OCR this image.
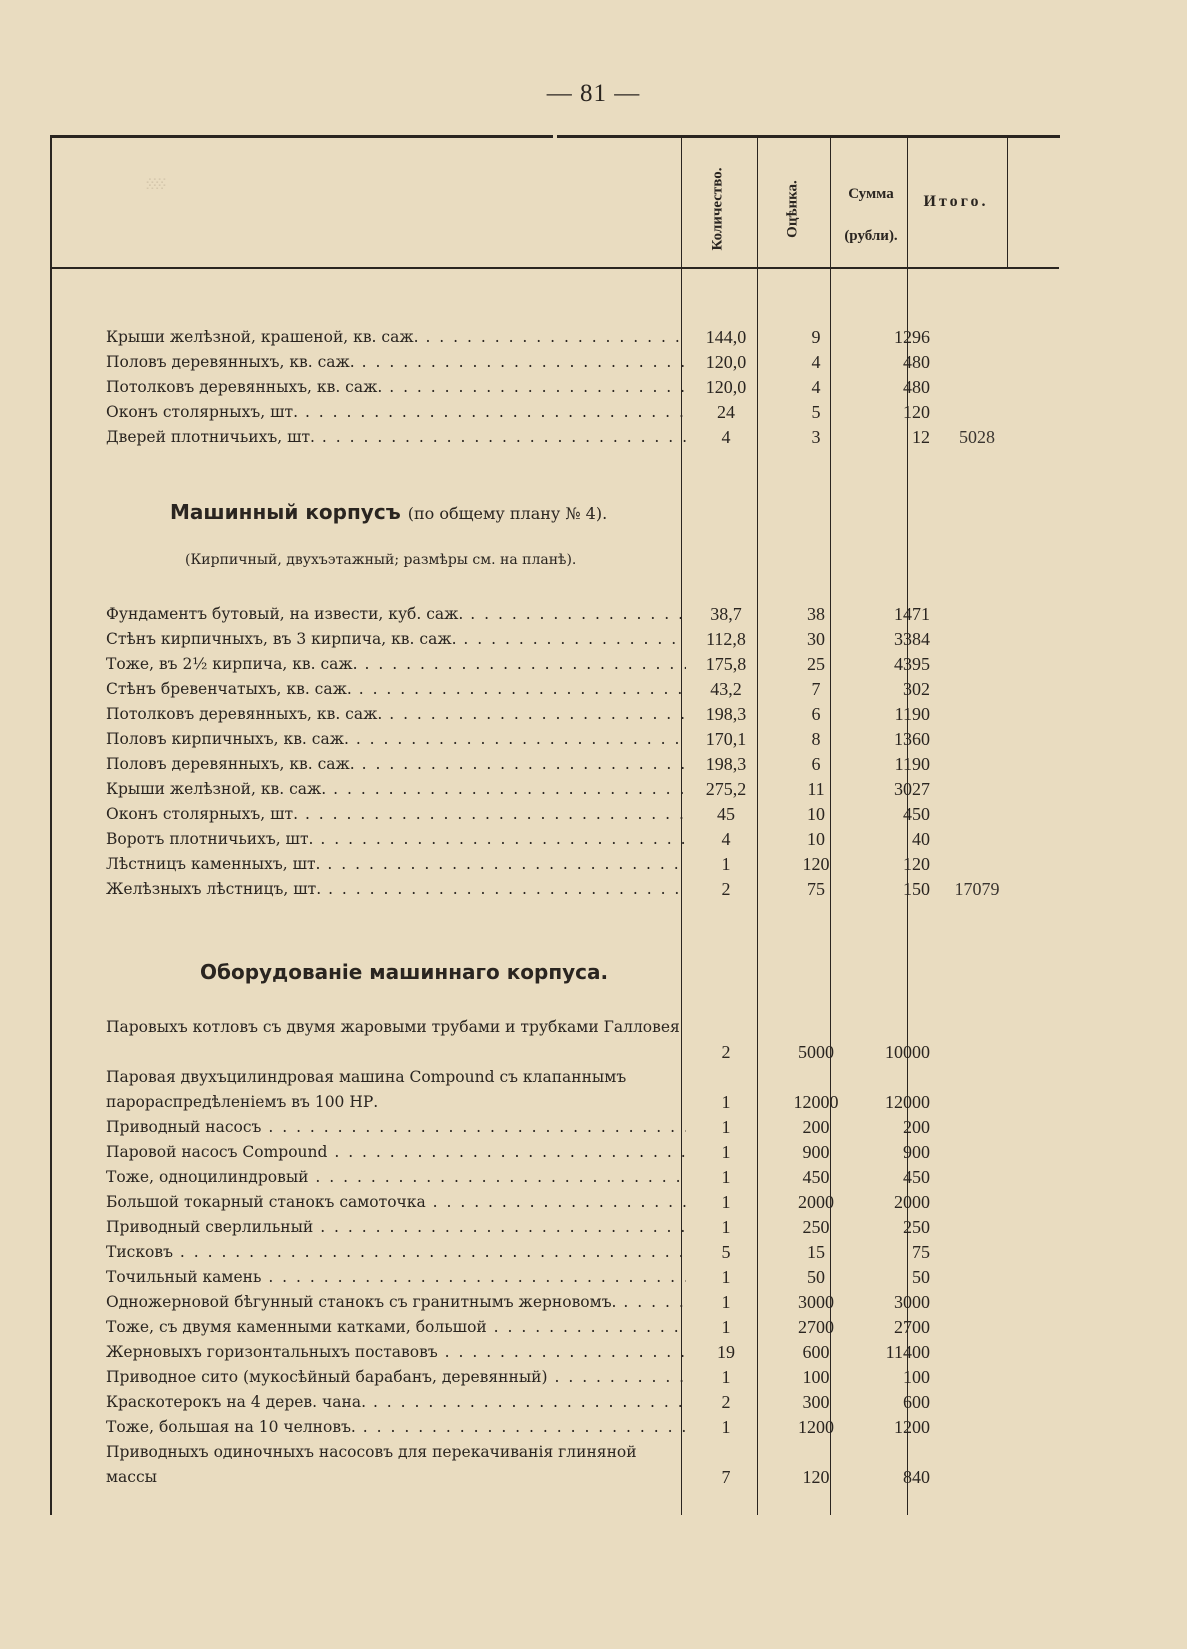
░
— 81 —
Количество.	Оцѣнка.	Сумма
(рубли).
Итого.
Машинный корпусъ (по общему плану № 4).
(Кирпичный, двухъэтажный; размѣры см. на планѣ).
Оборудованіе машиннаго корпуса.
Крыши желѣзной, крашеной, кв. саж. . . .	144,0	9	1296
Половъ деревянныхъ, кв. саж. . . .	120,0	4	480
Потолковъ деревянныхъ, кв. саж. . . .	120,0	4	480
Оконъ столярныхъ, шт. . . .	24	5	120
Дверей плотничьихъ, шт. . . .	4	3	12	5028
Фундаментъ бутовый, на извести, куб. саж. . . .	38,7	38	1471
Стѣнъ кирпичныхъ, въ 3 кирпича, кв. саж. . . .	112,8	30	3384
Тоже, въ 2½ кирпича, кв. саж. . . .	175,8	25	4395
Стѣнъ бревенчатыхъ, кв. саж. . . .	43,2	7	302
Потолковъ деревянныхъ, кв. саж. . . .	198,3	6	1190
Половъ кирпичныхъ, кв. саж. . . .	170,1	8	1360
Половъ деревянныхъ, кв. саж. . . .	198,3	6	1190
Крыши желѣзной, кв. саж. . . .	275,2	11	3027
Оконъ столярныхъ, шт. . . .	45	10	450
Воротъ плотничьихъ, шт. . . .	4	10	40
Лѣстницъ каменныхъ, шт. . . .	1	120	120
Желѣзныхъ лѣстницъ, шт. . . .	2	75	150	17079
Паровыхъ котловъ съ двумя жаровыми трубами и трубками Галловея
2	5000	10000
Паровая двухъцилиндровая машина Compound съ клапаннымъ парораспредѣленіемъ въ 100 НР.	1	12000	12000
Приводный насосъ . . .	1	200	200
Паровой насосъ Compound . . .	1	900	900
Тоже, одноцилиндровый . . .	1	450	450
Большой токарный станокъ самоточка . . .	1	2000	2000
Приводный сверлильный . . .	1	250	250
Тисковъ . . .	5	15	75
Точильный камень . . .	1	50	50
Одножерновой бѣгунный станокъ съ гранитнымъ жерновомъ. . . .	1	3000	3000
Тоже, съ двумя каменными катками, большой . . .	1	2700	2700
Жерновыхъ горизонтальныхъ поставовъ . . .	19	600	11400
Приводное сито (мукосѣйный барабанъ, деревянный) . . .	1	100	100
Краскотерокъ на 4 дерев. чана. . . .	2	300	600
Тоже, большая на 10 челновъ. . . .	1	1200	1200
Приводныхъ одиночныхъ насосовъ для перекачиванія глиняной массы	7	120	840
